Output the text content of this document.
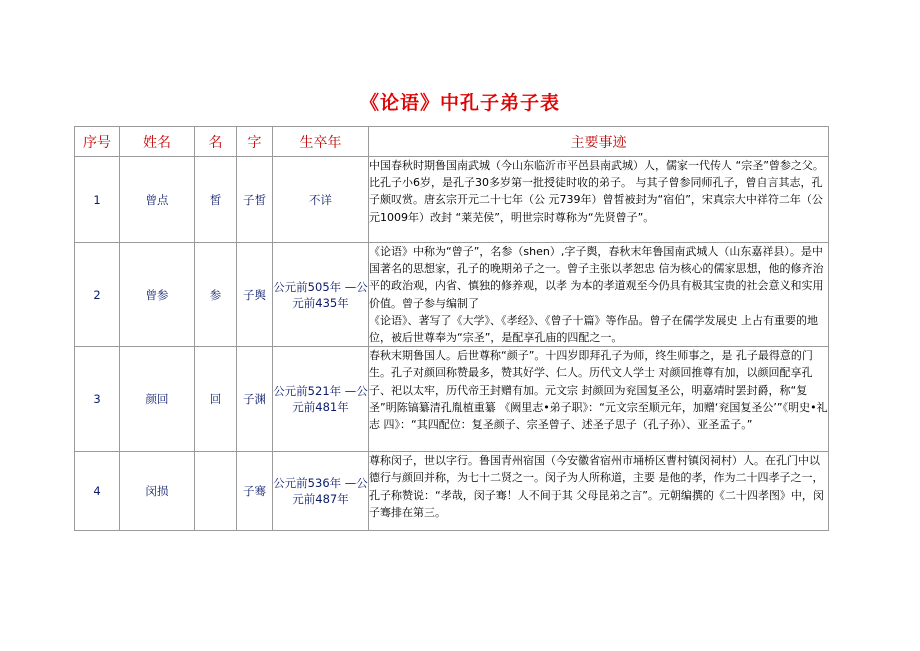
《论语》中孔子弟子表
序号	姓名	名	字	生卒年	主要事迹
1	曾点	皙	子皙	不详	中国春秋时期鲁国南武城（今山东临沂市平邑县南武城）人，儒家一代传人 “宗圣”曾参之父。比孔子小6岁，是孔子30多岁第一批授徒时收的弟子。 与其子曾参同师孔子，曾自言其志，孔子颇叹赏。唐玄宗开元二十七年（公 元739年）曾皙被封为“宿伯”，宋真宗大中祥符二年（公元1009年）改封 “莱芜侯”，明世宗时尊称为“先贤曾子”。

2	曾参	参	子舆	公元前505年 —公元前435年	《论语》中称为“曾子”，名参（shen）,字子舆，春秋末年鲁国南武城人（山东嘉祥县）。是中国著名的思想家，孔子的晚期弟子之一。曾子主张以孝恕忠 信为核心的儒家思想，他的修齐治平的政治观，内省、慎独的修养观，以孝 为本的孝道观至今仍具有极其宝贵的社会意义和实用价值。曾子参与编制了

《论语》、著写了《大学》、《孝经》、《曾子十篇》等作品。曾子在儒学发展史 上占有重要的地位，被后世尊奉为“宗圣”，是配享孔庙的四配之一。

3	颜回	回	子渊	公元前521年 —公元前481年	春秋末期鲁国人。后世尊称“颜子”。十四岁即拜孔子为师，终生师事之，是 孔子最得意的门生。孔子对颜回称赞最多，赞其好学、仁人。历代文人学士 对颜回推尊有加，以颜回配享孔子、祀以太牢，历代帝王封赠有加。元文宗 封颜回为兖国复圣公，明嘉靖时罢封爵，称“复圣”明陈镐纂清孔胤植重纂 《阙里志•弟子职》：“元文宗至顺元年，加赠‘兖国复圣公’”《明史•礼志 四》：“其四配位：复圣颜子、宗圣曾子、述圣子思子（孔子孙）、亚圣孟子。”

4	闵损		子骞	公元前536年 —公元前487年	尊称闵子，世以字行。鲁国青州宿国（今安徽省宿州市埇桥区曹村镇闵祠村）人。在孔门中以德行与颜回并称，为七十二贤之一。闵子为人所称道，主要 是他的孝，作为二十四孝子之一，孔子称赞说：“孝哉，闵子骞！人不间于其 父母昆弟之言”。元朝编撰的《二十四孝图》中，闵子骞排在第三。
